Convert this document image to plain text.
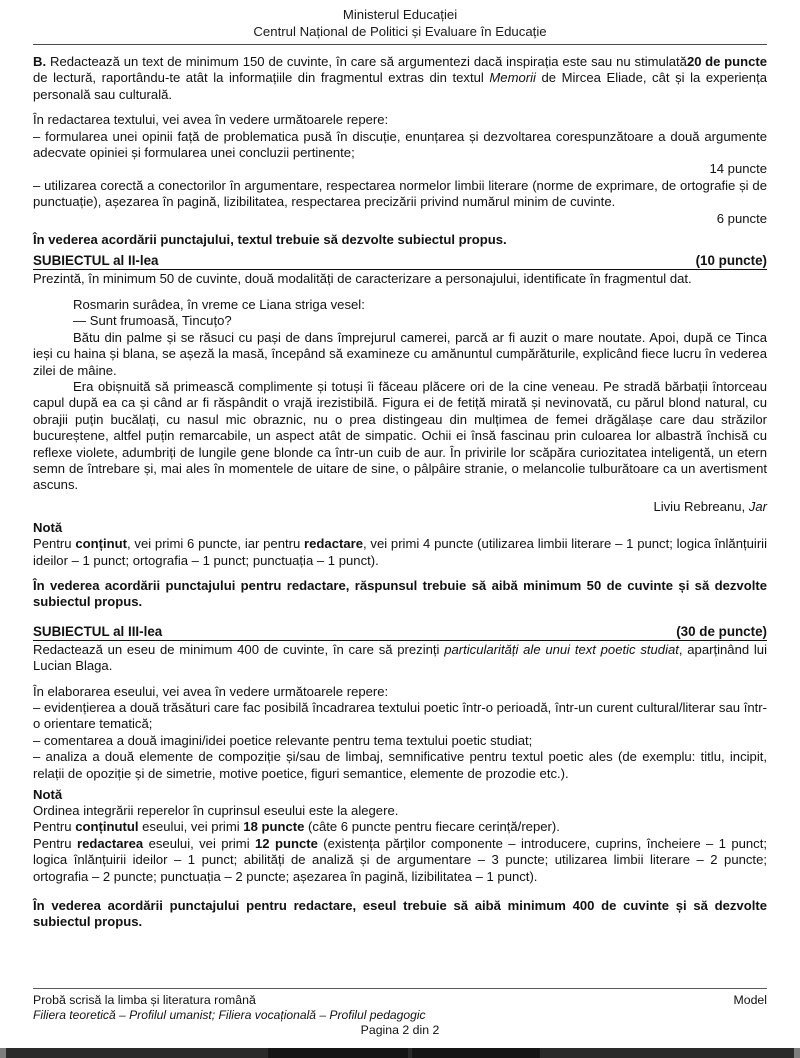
Ministerul Educației
Centrul Național de Politici și Evaluare în Educație
20 de puncte
B. Redactează un text de minimum 150 de cuvinte, în care să argumentezi dacă inspirația este sau nu stimulată de lectură, raportându-te atât la informațiile din fragmentul extras din textul Memorii de Mircea Eliade, cât și la experiența personală sau culturală.
În redactarea textului, vei avea în vedere următoarele repere:
– formularea unei opinii față de problematica pusă în discuție, enunțarea și dezvoltarea corespunzătoare a două argumente adecvate opiniei și formularea unei concluzii pertinente;
14 puncte
– utilizarea corectă a conectorilor în argumentare, respectarea normelor limbii literare (norme de exprimare, de ortografie și de punctuație), așezarea în pagină, lizibilitatea, respectarea precizării privind numărul minim de cuvinte.
6 puncte
În vederea acordării punctajului, textul trebuie să dezvolte subiectul propus.
SUBIECTUL al II-lea	(10 puncte)
Prezintă, în minimum 50 de cuvinte, două modalități de caracterizare a personajului, identificate în fragmentul dat.
Rosmarin surâdea, în vreme ce Liana striga vesel:
— Sunt frumoasă, Tincuțo?
Bătu din palme și se răsuci cu pași de dans împrejurul camerei, parcă ar fi auzit o mare noutate. Apoi, după ce Tinca ieși cu haina și blana, se așeză la masă, începând să examineze cu amănuntul cumpărăturile, explicând fiece lucru în vederea zilei de mâine.
Era obișnuită să primească complimente și totuși îi făceau plăcere ori de la cine veneau. Pe stradă bărbații întorceau capul după ea ca și când ar fi răspândit o vrajă irezistibilă. Figura ei de fetiță mirată și nevinovată, cu părul blond natural, cu obrajii puțin bucălați, cu nasul mic obraznic, nu o prea distingeau din mulțimea de femei drăgălașe care dau străzilor bucureștene, altfel puțin remarcabile, un aspect atât de simpatic. Ochii ei însă fascinau prin culoarea lor albastră închisă cu reflexe violete, adumbriți de lungile gene blonde ca într-un cuib de aur. În privirile lor scăpăra curiozitatea inteligentă, un etern semn de întrebare și, mai ales în momentele de uitare de sine, o pâlpâire stranie, o melancolie tulburătoare ca un avertisment ascuns.
Liviu Rebreanu, Jar
Notă
Pentru conținut, vei primi 6 puncte, iar pentru redactare, vei primi 4 puncte (utilizarea limbii literare – 1 punct; logica înlănțuirii ideilor – 1 punct; ortografia – 1 punct; punctuația – 1 punct).
În vederea acordării punctajului pentru redactare, răspunsul trebuie să aibă minimum 50 de cuvinte și să dezvolte subiectul propus.
SUBIECTUL al III-lea	(30 de puncte)
Redactează un eseu de minimum 400 de cuvinte, în care să prezinți particularități ale unui text poetic studiat, aparținând lui Lucian Blaga.
În elaborarea eseului, vei avea în vedere următoarele repere:
– evidențierea a două trăsături care fac posibilă încadrarea textului poetic într-o perioadă, într-un curent cultural/literar sau într-o orientare tematică;
– comentarea a două imagini/idei poetice relevante pentru tema textului poetic studiat;
– analiza a două elemente de compoziție și/sau de limbaj, semnificative pentru textul poetic ales (de exemplu: titlu, incipit, relații de opoziție și de simetrie, motive poetice, figuri semantice, elemente de prozodie etc.).
Notă
Ordinea integrării reperelor în cuprinsul eseului este la alegere.
Pentru conținutul eseului, vei primi 18 puncte (câte 6 puncte pentru fiecare cerință/reper).
Pentru redactarea eseului, vei primi 12 puncte (existența părților componente – introducere, cuprins, încheiere – 1 punct; logica înlănțuirii ideilor – 1 punct; abilități de analiză și de argumentare – 3 puncte; utilizarea limbii literare – 2 puncte; ortografia – 2 puncte; punctuația – 2 puncte; așezarea în pagină, lizibilitatea – 1 punct).
În vederea acordării punctajului pentru redactare, eseul trebuie să aibă minimum 400 de cuvinte și să dezvolte subiectul propus.
Probă scrisă la limba și literatura română	Model
Filiera teoretică – Profilul umanist; Filiera vocațională – Profilul pedagogic
Pagina 2 din 2
